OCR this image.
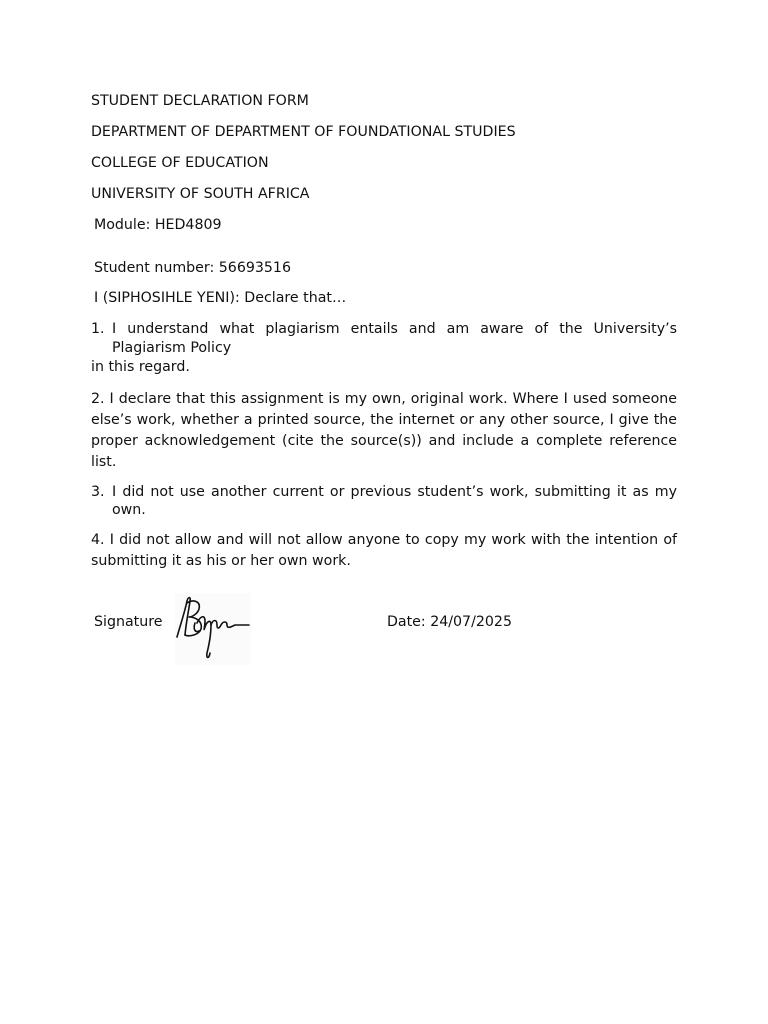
STUDENT DECLARATION FORM
DEPARTMENT OF DEPARTMENT OF FOUNDATIONAL STUDIES
COLLEGE OF EDUCATION
UNIVERSITY OF SOUTH AFRICA
Module: HED4809
Student number: 56693516
I (SIPHOSIHLE YENI): Declare that…
1. I understand what plagiarism entails and am aware of the University’s
Plagiarism Policy
in this regard.
2. I declare that this assignment is my own, original work. Where I used someone else’s work, whether a printed source, the internet or any other source, I give the proper acknowledgement (cite the source(s)) and include a complete reference list.
3. I did not use another current or previous student’s work, submitting it as my
own.
4. I did not allow and will not allow anyone to copy my work with the intention of submitting it as his or her own work.
Signature	Date: 24/07/2025
